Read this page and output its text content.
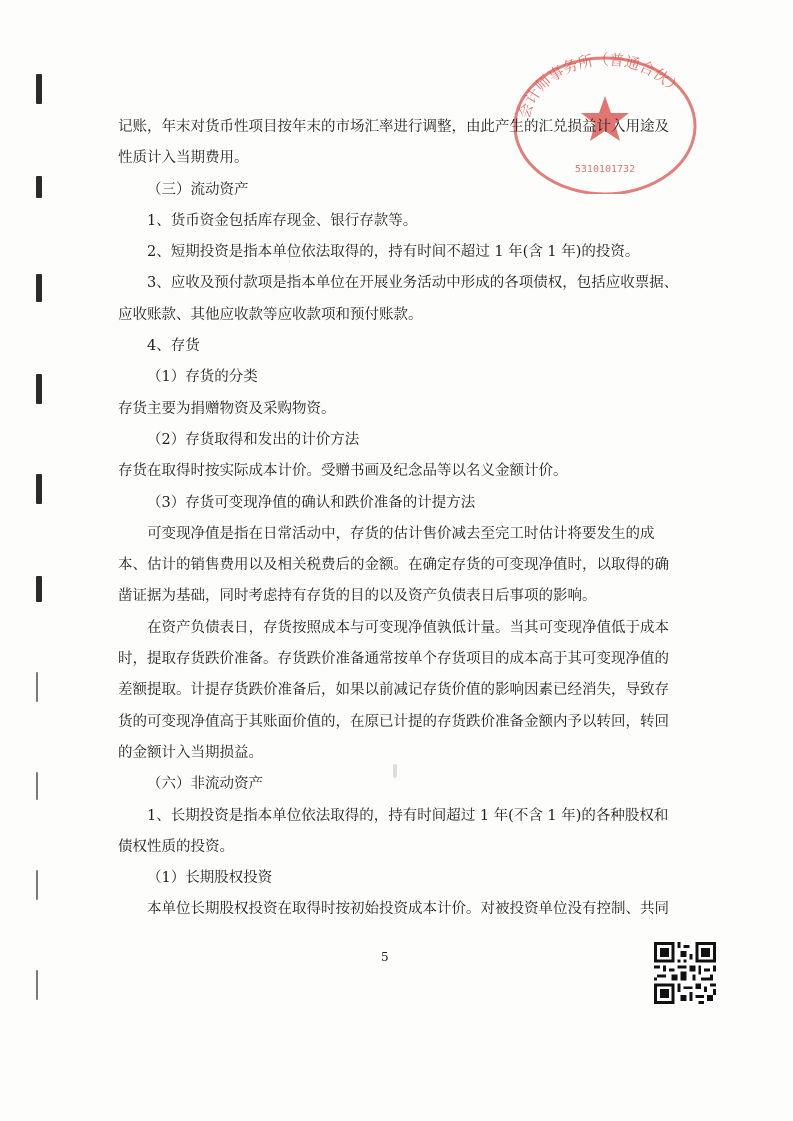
会计师事务所（普通合伙）
5310101732

记账，年末对货币性项目按年末的市场汇率进行调整，由此产生的汇兑损益计入用途及

性质计入当期费用。

（三）流动资产

1、货币资金包括库存现金、银行存款等。

2、短期投资是指本单位依法取得的，持有时间不超过 1 年(含 1 年)的投资。

3、应收及预付款项是指本单位在开展业务活动中形成的各项债权，包括应收票据、

应收账款、其他应收款等应收款项和预付账款。

4、存货

（1）存货的分类

存货主要为捐赠物资及采购物资。

（2）存货取得和发出的计价方法

存货在取得时按实际成本计价。受赠书画及纪念品等以名义金额计价。

（3）存货可变现净值的确认和跌价准备的计提方法

可变现净值是指在日常活动中，存货的估计售价减去至完工时估计将要发生的成

本、估计的销售费用以及相关税费后的金额。在确定存货的可变现净值时，以取得的确

凿证据为基础，同时考虑持有存货的目的以及资产负债表日后事项的影响。

在资产负债表日，存货按照成本与可变现净值孰低计量。当其可变现净值低于成本

时，提取存货跌价准备。存货跌价准备通常按单个存货项目的成本高于其可变现净值的

差额提取。计提存货跌价准备后，如果以前减记存货价值的影响因素已经消失，导致存

货的可变现净值高于其账面价值的，在原已计提的存货跌价准备金额内予以转回，转回

的金额计入当期损益。

（六）非流动资产

1、长期投资是指本单位依法取得的，持有时间超过 1 年(不含 1 年)的各种股权和

债权性质的投资。

（1）长期股权投资

本单位长期股权投资在取得时按初始投资成本计价。对被投资单位没有控制、共同

5
